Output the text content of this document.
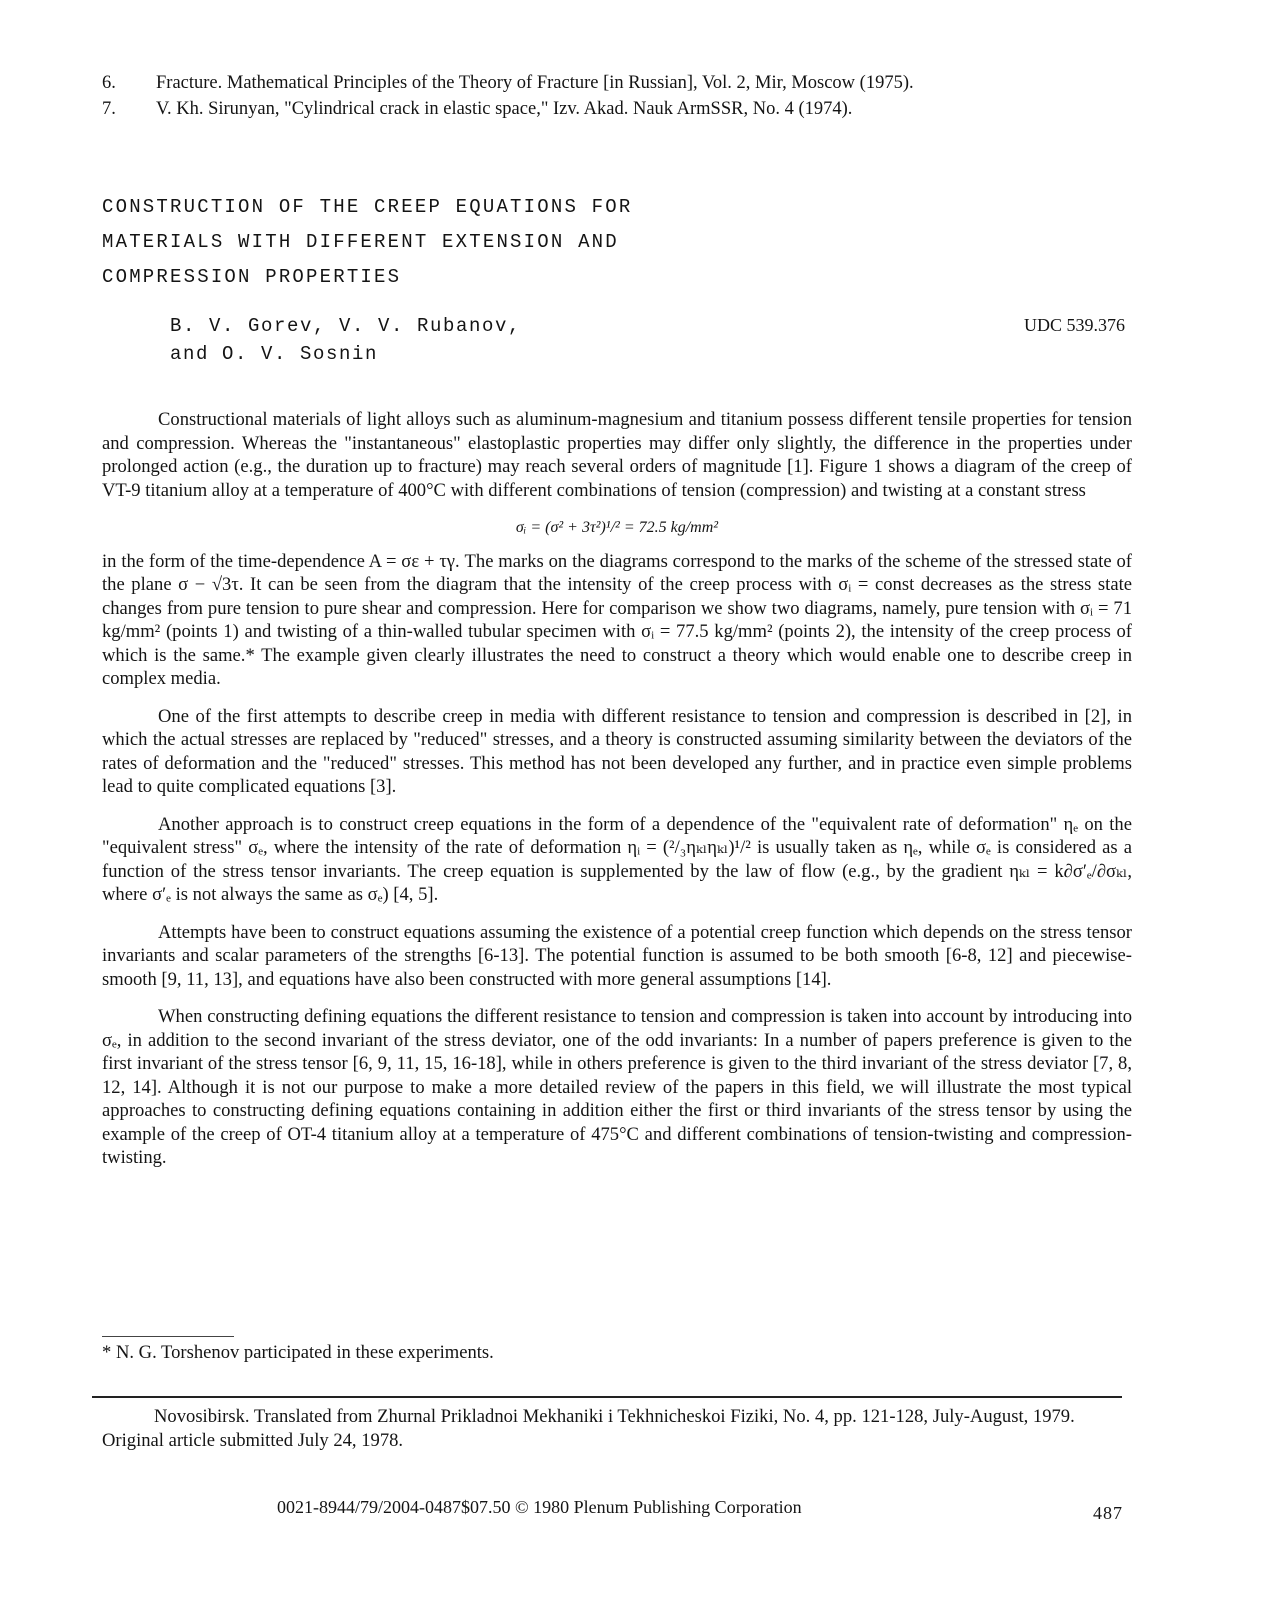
6. Fracture. Mathematical Principles of the Theory of Fracture [in Russian], Vol. 2, Mir, Moscow (1975).
7. V. Kh. Sirunyan, "Cylindrical crack in elastic space," Izv. Akad. Nauk ArmSSR, No. 4 (1974).
CONSTRUCTION OF THE CREEP EQUATIONS FOR
MATERIALS WITH DIFFERENT EXTENSION AND
COMPRESSION PROPERTIES
B. V. Gorev, V. V. Rubanov,
and O. V. Sosnin
UDC 539.376

Constructional materials of light alloys such as aluminum-magnesium and titanium possess different tensile properties for tension and compression. Whereas the "instantaneous" elastoplastic properties may differ only slightly, the difference in the properties under prolonged action (e.g., the duration up to fracture) may reach several orders of magnitude [1]. Figure 1 shows a diagram of the creep of VT-9 titanium alloy at a temperature of 400°C with different combinations of tension (compression) and twisting at a constant stress

σᵢ = (σ² + 3τ²)¹/² = 72.5 kg/mm²

in the form of the time-dependence A = σε + τγ. The marks on the diagrams correspond to the marks of the scheme of the stressed state of the plane σ − √3τ. It can be seen from the diagram that the intensity of the creep process with σᵢ = const decreases as the stress state changes from pure tension to pure shear and compression. Here for comparison we show two diagrams, namely, pure tension with σᵢ = 71 kg/mm² (points 1) and twisting of a thin-walled tubular specimen with σᵢ = 77.5 kg/mm² (points 2), the intensity of the creep process of which is the same.* The example given clearly illustrates the need to construct a theory which would enable one to describe creep in complex media.

One of the first attempts to describe creep in media with different resistance to tension and compression is described in [2], in which the actual stresses are replaced by "reduced" stresses, and a theory is constructed assuming similarity between the deviators of the rates of deformation and the "reduced" stresses. This method has not been developed any further, and in practice even simple problems lead to quite complicated equations [3].

Another approach is to construct creep equations in the form of a dependence of the "equivalent rate of deformation" ηₑ on the "equivalent stress" σₑ, where the intensity of the rate of deformation ηᵢ = (²/₃ηₖₗηₖₗ)¹/² is usually taken as ηₑ, while σₑ is considered as a function of the stress tensor invariants. The creep equation is supplemented by the law of flow (e.g., by the gradient ηₖₗ = k∂σ′ₑ/∂σₖₗ, where σ′ₑ is not always the same as σₑ) [4, 5].

Attempts have been to construct equations assuming the existence of a potential creep function which depends on the stress tensor invariants and scalar parameters of the strengths [6-13]. The potential function is assumed to be both smooth [6-8, 12] and piecewise-smooth [9, 11, 13], and equations have also been constructed with more general assumptions [14].

When constructing defining equations the different resistance to tension and compression is taken into account by introducing into σₑ, in addition to the second invariant of the stress deviator, one of the odd invariants: In a number of papers preference is given to the first invariant of the stress tensor [6, 9, 11, 15, 16-18], while in others preference is given to the third invariant of the stress deviator [7, 8, 12, 14]. Although it is not our purpose to make a more detailed review of the papers in this field, we will illustrate the most typical approaches to constructing defining equations containing in addition either the first or third invariants of the stress tensor by using the example of the creep of OT-4 titanium alloy at a temperature of 475°C and different combinations of tension-twisting and compression-twisting.

* N. G. Torshenov participated in these experiments.

Novosibirsk. Translated from Zhurnal Prikladnoi Mekhaniki i Tekhnicheskoi Fiziki, No. 4, pp. 121-128, July-August, 1979. Original article submitted July 24, 1978.

0021-8944/79/2004-0487$07.50 © 1980 Plenum Publishing Corporation	487
